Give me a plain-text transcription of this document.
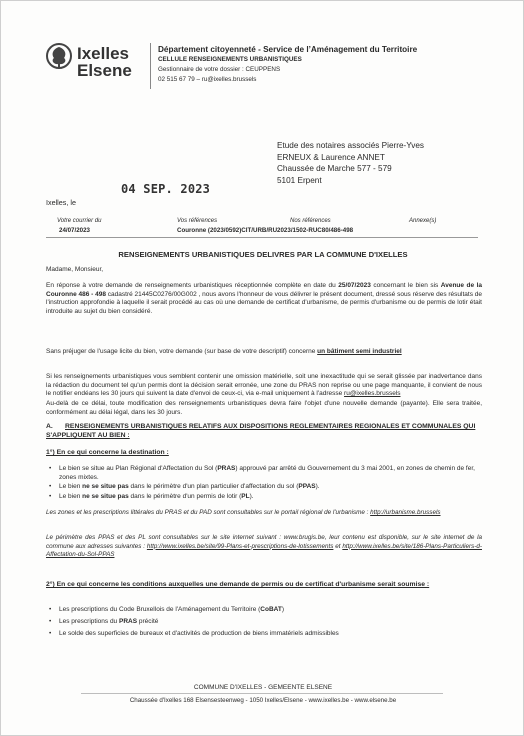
Ixelles
Elsene
Département citoyenneté - Service de l’Aménagement du Territoire
CELLULE RENSEIGNEMENTS URBANISTIQUES
Gestionnaire de votre dossier : CEUPPENS
02 515 67 79 – ru@ixelles.brussels
Etude des notaires associés Pierre-Yves
ERNEUX & Laurence ANNET
Chaussée de Marche 577 - 579
5101 Erpent
Ixelles, le
04 SEP. 2023
Votre courrier du	Vos références	Nos références	Annexe(s)
24/07/2023	Couronne (2023/0592)CIT/URB/RU2023/1502-RUC80/486-498
RENSEIGNEMENTS URBANISTIQUES DELIVRES PAR LA COMMUNE D'IXELLES
Madame, Monsieur,
En réponse à votre demande de renseignements urbanistiques réceptionnée complète en date du 25/07/2023 concernant le bien sis Avenue de la Couronne 486 - 498 cadastré 21445C0276/00G002 , nous avons l'honneur de vous délivrer le présent document, dressé sous réserve des résultats de l'instruction approfondie à laquelle il serait procédé au cas où une demande de certificat d'urbanisme, de permis d'urbanisme ou de permis de lotir était introduite au sujet du bien considéré.
Sans préjuger de l'usage licite du bien, votre demande (sur base de votre descriptif) concerne un bâtiment semi industriel
Si les renseignements urbanistiques vous semblent contenir une omission matérielle, soit une inexactitude qui se serait glissée par inadvertance dans la rédaction du document tel qu'un permis dont la décision serait erronée, une zone du PRAS non reprise ou une page manquante, il convient de nous le notifier endéans les 30 jours qui suivent la date d'envoi de ceux-ci, via e-mail uniquement à l'adresse ru@ixelles.brussels
Au-delà de ce délai, toute modification des renseignements urbanistiques devra faire l'objet d'une nouvelle demande (payante). Elle sera traitée, conformément au délai légal, dans les 30 jours.
A. RENSEIGNEMENTS URBANISTIQUES RELATIFS AUX DISPOSITIONS REGLEMENTAIRES REGIONALES ET COMMUNALES QUI S'APPLIQUENT AU BIEN :
1°) En ce qui concerne la destination :
• Le bien se situe au Plan Régional d'Affectation du Sol (PRAS) approuvé par arrêté du Gouvernement du 3 mai 2001, en zones de chemin de fer, zones mixtes.
• Le bien ne se situe pas dans le périmètre d'un plan particulier d'affectation du sol (PPAS).
• Le bien ne se situe pas dans le périmètre d'un permis de lotir (PL).
Les zones et les prescriptions littérales du PRAS et du PAD sont consultables sur le portail régional de l'urbanisme : http://urbanisme.brussels
Le périmètre des PPAS et des PL sont consultables sur le site internet suivant : www.brugis.be, leur contenu est disponible, sur le site internet de la commune aux adresses suivantes : http://www.ixelles.be/site/99-Plans-et-prescriptions-de-lotissements et http://www.ixelles.be/site/186-Plans-Particuliers-d-Affectation-du-Sol-PPAS
2°) En ce qui concerne les conditions auxquelles une demande de permis ou de certificat d'urbanisme serait soumise :
• Les prescriptions du Code Bruxellois de l'Aménagement du Territoire (CoBAT)
• Les prescriptions du PRAS précité
• Le solde des superficies de bureaux et d'activités de production de biens immatériels admissibles
COMMUNE D'IXELLES - GEMEENTE ELSENE
Chaussée d'Ixelles 168 Elsensesteenweg - 1050 Ixelles/Elsene - www.ixelles.be - www.elsene.be
